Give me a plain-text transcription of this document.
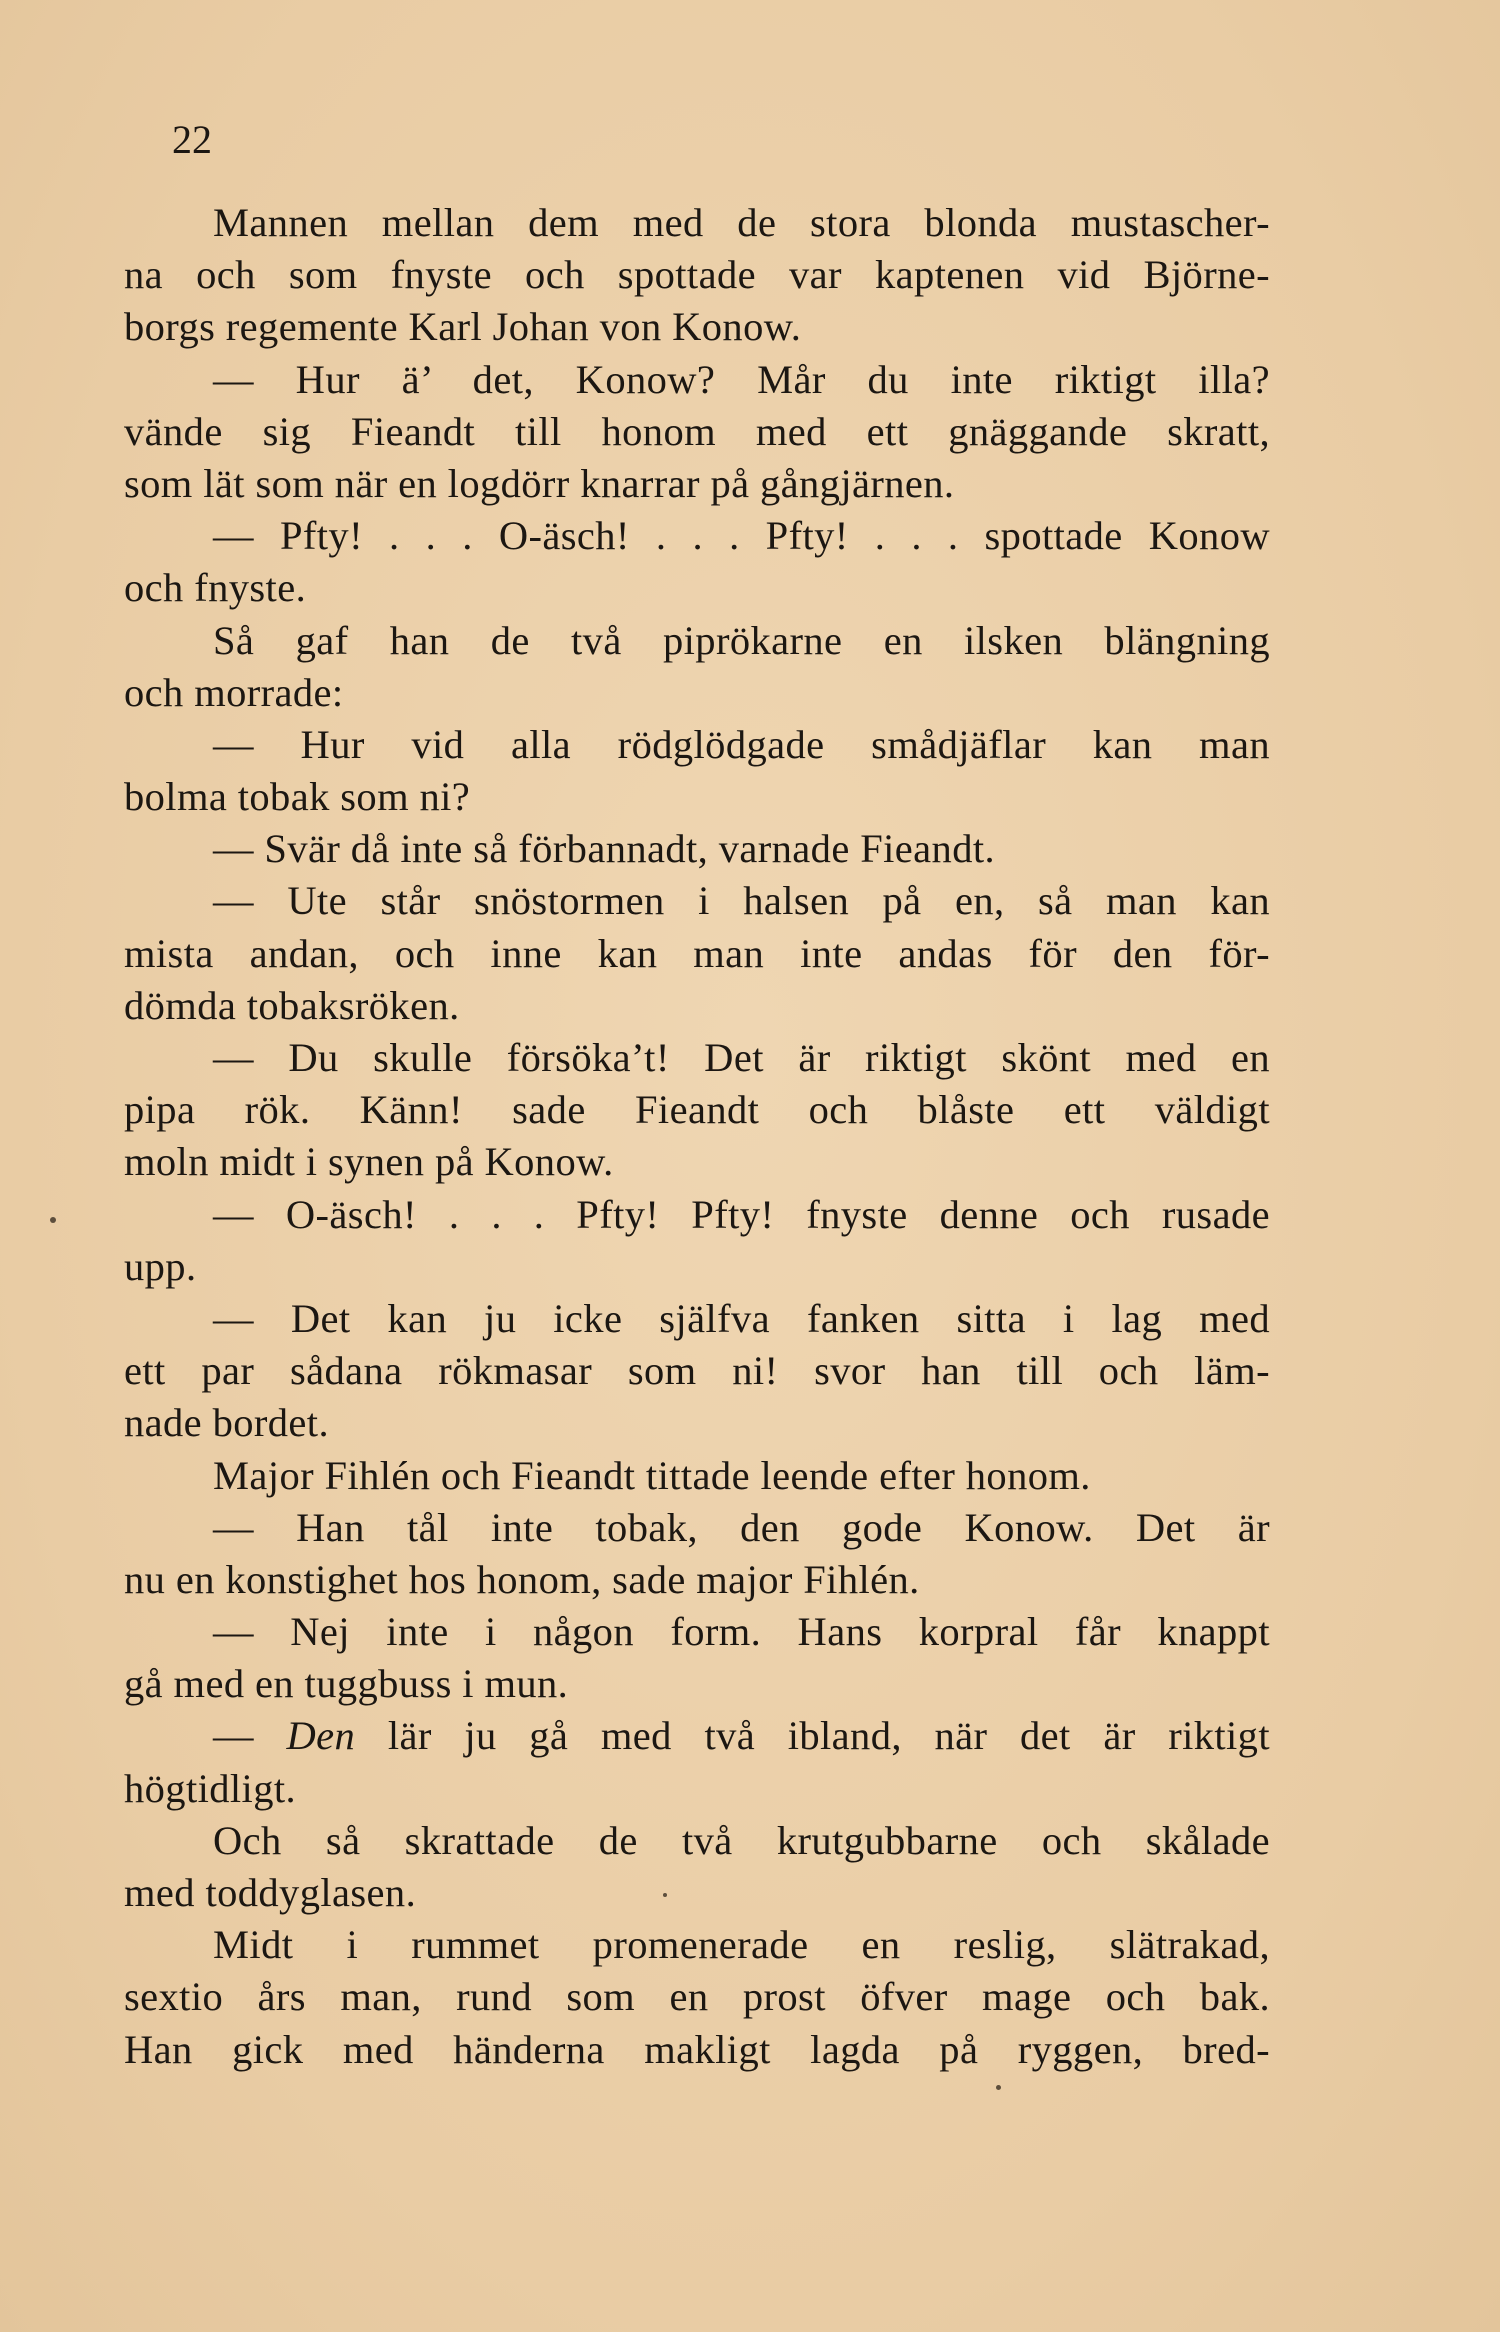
22
Mannen mellan dem med de stora blonda mustascher-
na och som fnyste och spottade var kaptenen vid Björne-
borgs regemente Karl Johan von Konow.
— Hur ä’ det, Konow? Mår du inte riktigt illa?
vände sig Fieandt till honom med ett gnäggande skratt,
som lät som när en logdörr knarrar på gångjärnen.
— Pfty! . . . O-äsch! . . . Pfty! . . . spottade Konow
och fnyste.
Så gaf han de två piprökarne en ilsken blängning
och morrade:
— Hur vid alla rödglödgade smådjäflar kan man
bolma tobak som ni?
— Svär då inte så förbannadt, varnade Fieandt.
— Ute står snöstormen i halsen på en, så man kan
mista andan, och inne kan man inte andas för den för-
dömda tobaksröken.
— Du skulle försöka’t! Det är riktigt skönt med en
pipa rök. Känn! sade Fieandt och blåste ett väldigt
moln midt i synen på Konow.
— O-äsch! . . . Pfty! Pfty! fnyste denne och rusade
upp.
— Det kan ju icke själfva fanken sitta i lag med
ett par sådana rökmasar som ni! svor han till och läm-
nade bordet.
Major Fihlén och Fieandt tittade leende efter honom.
— Han tål inte tobak, den gode Konow. Det är
nu en konstighet hos honom, sade major Fihlén.
— Nej inte i någon form. Hans korpral får knappt
gå med en tuggbuss i mun.
— Den lär ju gå med två ibland, när det är riktigt
högtidligt.
Och så skrattade de två krutgubbarne och skålade
med toddyglasen.
Midt i rummet promenerade en reslig, slätrakad,
sextio års man, rund som en prost öfver mage och bak.
Han gick med händerna makligt lagda på ryggen, bred-
